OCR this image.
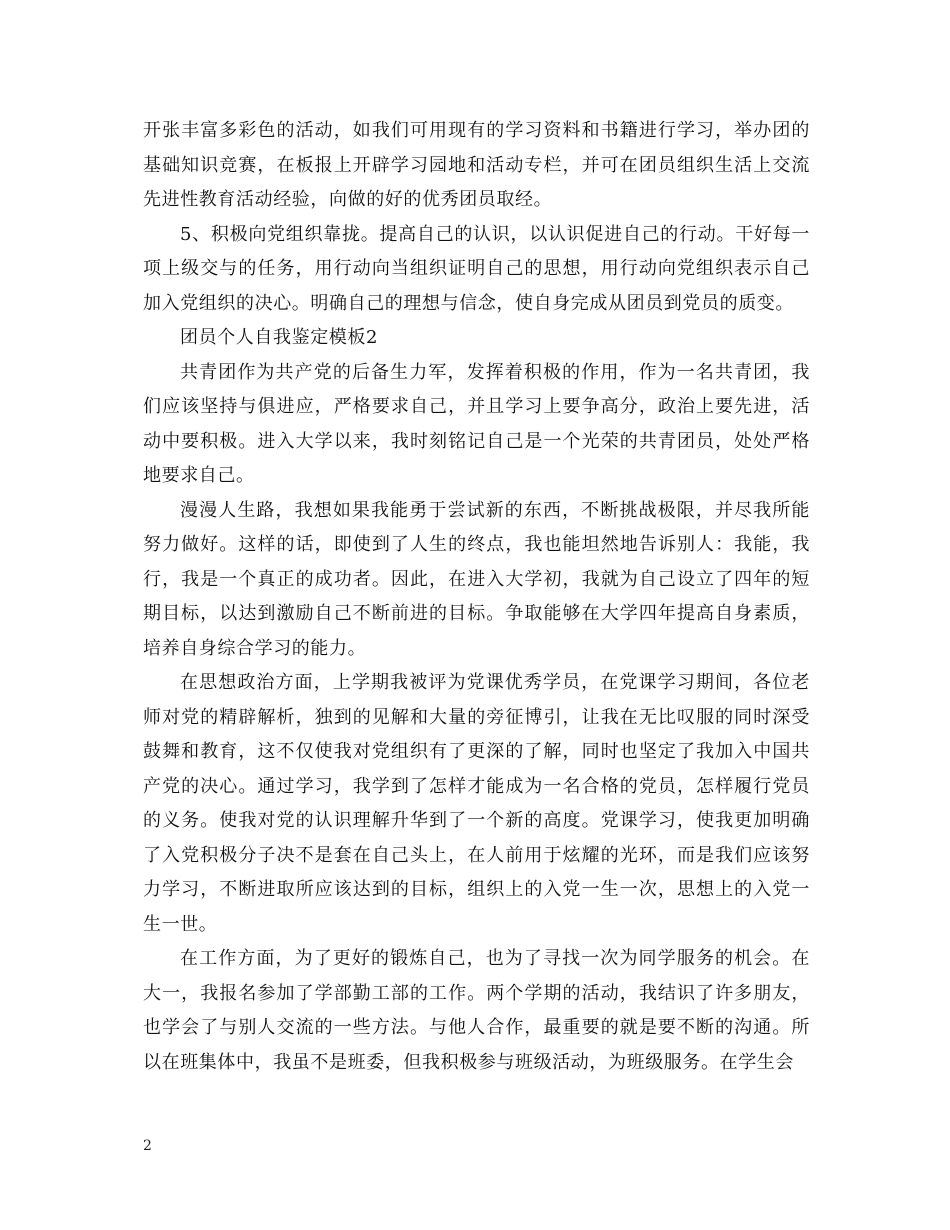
开张丰富多彩色的活动，如我们可用现有的学习资料和书籍进行学习，举办团的基础知识竞赛，在板报上开辟学习园地和活动专栏，并可在团员组织生活上交流先进性教育活动经验，向做的好的优秀团员取经。

5、积极向党组织靠拢。提高自己的认识，以认识促进自己的行动。干好每一项上级交与的任务，用行动向当组织证明自己的思想，用行动向党组织表示自己加入党组织的决心。明确自己的理想与信念，使自身完成从团员到党员的质变。

团员个人自我鉴定模板2

共青团作为共产党的后备生力军，发挥着积极的作用，作为一名共青团，我们应该坚持与俱进应，严格要求自己，并且学习上要争高分，政治上要先进，活动中要积极。进入大学以来，我时刻铭记自己是一个光荣的共青团员，处处严格地要求自己。

漫漫人生路，我想如果我能勇于尝试新的东西，不断挑战极限，并尽我所能努力做好。这样的话，即使到了人生的终点，我也能坦然地告诉别人：我能，我行，我是一个真正的成功者。因此，在进入大学初，我就为自己设立了四年的短期目标，以达到激励自己不断前进的目标。争取能够在大学四年提高自身素质，培养自身综合学习的能力。

在思想政治方面，上学期我被评为党课优秀学员，在党课学习期间，各位老师对党的精辟解析，独到的见解和大量的旁征博引，让我在无比叹服的同时深受鼓舞和教育，这不仅使我对党组织有了更深的了解，同时也坚定了我加入中国共产党的决心。通过学习，我学到了怎样才能成为一名合格的党员，怎样履行党员的义务。使我对党的认识理解升华到了一个新的高度。党课学习，使我更加明确了入党积极分子决不是套在自己头上，在人前用于炫耀的光环，而是我们应该努力学习，不断进取所应该达到的目标，组织上的入党一生一次，思想上的入党一生一世。

在工作方面，为了更好的锻炼自己，也为了寻找一次为同学服务的机会。在大一，我报名参加了学部勤工部的工作。两个学期的活动，我结识了许多朋友，也学会了与别人交流的一些方法。与他人合作，最重要的就是要不断的沟通。所以在班集体中，我虽不是班委，但我积极参与班级活动，为班级服务。在学生会

2
